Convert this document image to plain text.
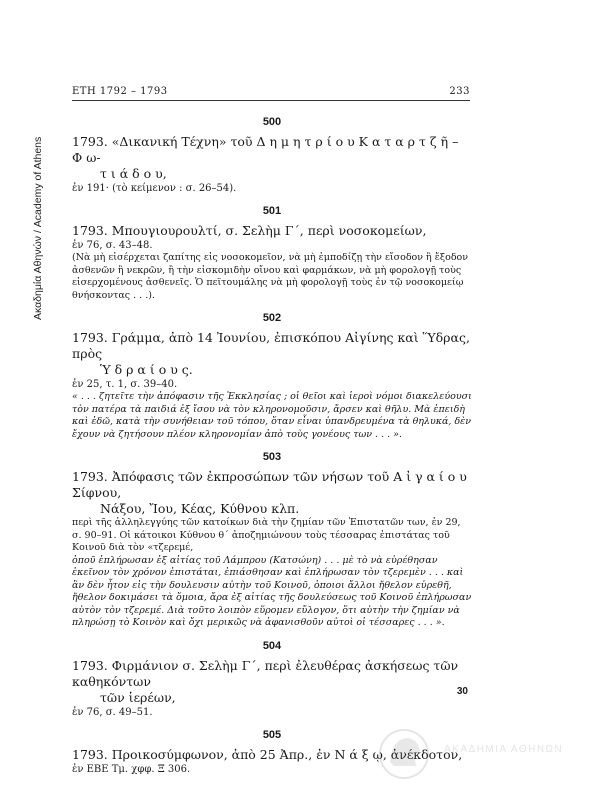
Ακαδημία Αθηνών / Academy of Athens
ΕΤΗ 1792 – 1793	233
500
1793. «Δικανική Τέχνη» τοῦ Δ η μ η τ ρ ί ο υ Κ α τ α ρ τ ζ ῆ – Φ ω-
τ ι ά δ ο υ,
ἐν 191· (τὸ κείμενον : σ. 26–54).
501
1793. Μπουγιουρουλτί, σ. Σελὴμ Γ΄, περὶ νοσοκομείων,
ἐν 76, σ. 43–48.
(Νὰ μὴ εἰσέρχεται ζαπίτης εἰς νοσοκομεῖον, νὰ μὴ ἐμποδίζῃ τὴν εἴσοδον ἢ ἔξοδον ἀσθενῶν ἢ νεκρῶν, ἢ τὴν εἰσκομιδὴν οἴνου καὶ φαρμάκων, νὰ μὴ φορολογῇ τοὺς εἰσερχομένους ἀσθενεῖς. Ὁ πεϊτουμάλης νὰ μὴ φορολογῇ τοὺς ἐν τῷ νοσοκομείῳ θνήσκοντας . . .).
502
1793. Γράμμα, ἀπὸ 14 Ἰουνίου, ἐπισκόπου Αἰγίνης καὶ Ὕδρας, πρὸς
Ὑ δ ρ α ί ο υ ς.
ἐν 25, τ. 1, σ. 39–40.
« . . . ζητεῖτε τὴν ἀπόφασιν τῆς Ἐκκλησίας ; οἱ θεῖοι καὶ ἱεροὶ νόμοι διακελεύουσι τὸν πατέρα τὰ παιδιά ἐξ ἴσου νὰ τὸν κληρονομοῦσιν, ἄρσεν καὶ θῆλυ. Μὰ ἐπειδὴ καὶ ἐδῶ, κατὰ τὴν συνήθειαν τοῦ τόπου, ὅταν εἶναι ὑπανδρευμένα τὰ θηλυκά, δὲν ἔχουν νὰ ζητήσουν πλέον κληρονομίαν ἀπὸ τοὺς γονέους των . . . ».
503
1793. Ἀπόφασις τῶν ἐκπροσώπων τῶν νήσων τοῦ Α ἰ γ α ί ο υ Σίφνου,
Νάξου, Ἴου, Κέας, Κύθνου κλπ.
περὶ τῆς ἀλληλεγγύης τῶν κατοίκων διὰ τὴν ζημίαν τῶν Ἐπιστατῶν των, ἐν 29, σ. 90–91. Οἱ κάτοικοι Κύθνου θ΄ ἀποζημιώνουν τοὺς τέσσαρας ἐπιστάτας τοῦ Κοινοῦ διὰ τὸν «τζερεμέ,
ὁποῦ ἐπλήρωσαν ἐξ αἰτίας τοῦ Λάμπρου (Κατσώνη) . . . μὲ τὸ νὰ εὑρέθησαν ἐκεῖνον τὸν χρόνον ἐπιστάται, ἐπιάσθησαν καὶ ἐπλήρωσαν τὸν τζερεμὲν . . . καὶ ἂν δὲν ἦτον εἰς τὴν δουλευσιν αὐτὴν τοῦ Κοινοῦ, ὁποιοι ἄλλοι ἤθελον εὑρεθῆ, ἤθελον δοκιμάσει τὰ ὅμοια, ἄρα ἐξ αἰτίας τῆς δουλεύσεως τοῦ Κοινοῦ ἐπλήρωσαν αὐτὸν τὸν τζερεμέ. Διὰ τοῦτο λοιπὸν εὕρομεν εὔλογον, ὅτι αὐτὴν τὴν ζημίαν νὰ πληρώσῃ τὸ Κοινὸν καὶ ὄχι μερικῶς νὰ ἀφανισθοῦν αὐτοὶ οἱ τέσσαρες . . . ».
504
1793. Φιρμάνιον σ. Σελὴμ Γ΄, περὶ ἐλευθέρας ἀσκήσεως τῶν καθηκόντων
τῶν ἱερέων,
ἐν 76, σ. 49–51.
505
1793. Προικοσύμφωνον, ἀπὸ 25 Ἀπρ., ἐν Ν ά ξ ῳ, ἀνέκδοτον,
ἐν ΕΒΕ Τμ. χφφ. Ξ 306.
30
ΑΚΑΔΗΜΙΑ ΑΘΗΝΩΝ
